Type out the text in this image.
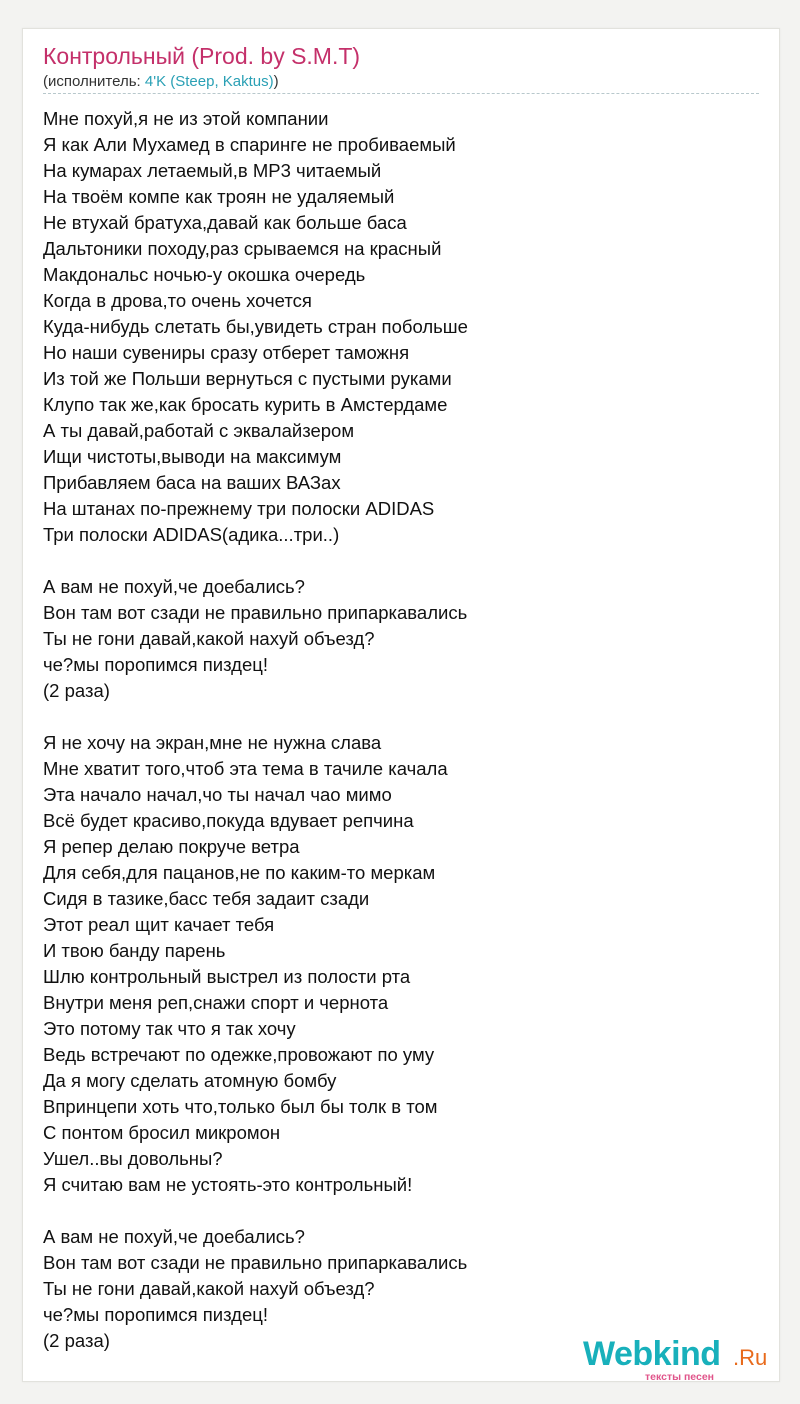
Контрольный (Prod. by S.M.T)
(исполнитель: 4'K (Steep, Kaktus))
Мне похуй,я не из этой компании
Я как Али Мухамед в спаринге не пробиваемый
На кумарах летаемый,в MP3 читаемый
На твоём компе как троян не удаляемый
Не втухай братуха,давай как больше баса
Дальтоники походу,раз срываемся на красный
Макдональс ночью-у окошка очередь
Когда в дрова,то очень хочется
Куда-нибудь слетать бы,увидеть стран побольше
Но наши сувениры сразу отберет таможня
Из той же Польши вернуться с пустыми руками
Клупо так же,как бросать курить в Амстердаме
А ты давай,работай с эквалайзером
Ищи чистоты,выводи на максимум
Прибавляем баса на ваших ВАЗах
На штанах по-прежнему три полоски ADIDAS
Три полоски ADIDAS(адика...три..)
А вам не похуй,че доебались?
Вон там вот сзади не правильно припаркавались
Ты не гони давай,какой нахуй объезд?
че?мы поропимся пиздец!
(2 раза)
Я не хочу на экран,мне не нужна слава
Мне хватит того,чтоб эта тема в тачиле качала
Эта начало начал,чо ты начал чао мимо
Всё будет красиво,покуда вдувает репчина
Я репер делаю покруче ветра
Для себя,для пацанов,не по каким-то меркам
Сидя в тазике,басс тебя задаит сзади
Этот реал щит качает тебя
И твою банду парень
Шлю контрольный выстрел из полости рта
Внутри меня реп,снажи спорт и чернота
Это потому так что я так хочу
Ведь встречают по одежке,провожают по уму
Да я могу сделать атомную бомбу
Впринцепи хоть что,только был бы толк в том
С понтом бросил микромон
Ушел..вы довольны?
Я считаю вам не устоять-это контрольный!
А вам не похуй,че доебались?
Вон там вот сзади не правильно припаркавались
Ты не гони давай,какой нахуй объезд?
че?мы поропимся пиздец!
(2 раза)	Webkind .Ru
тексты песен
